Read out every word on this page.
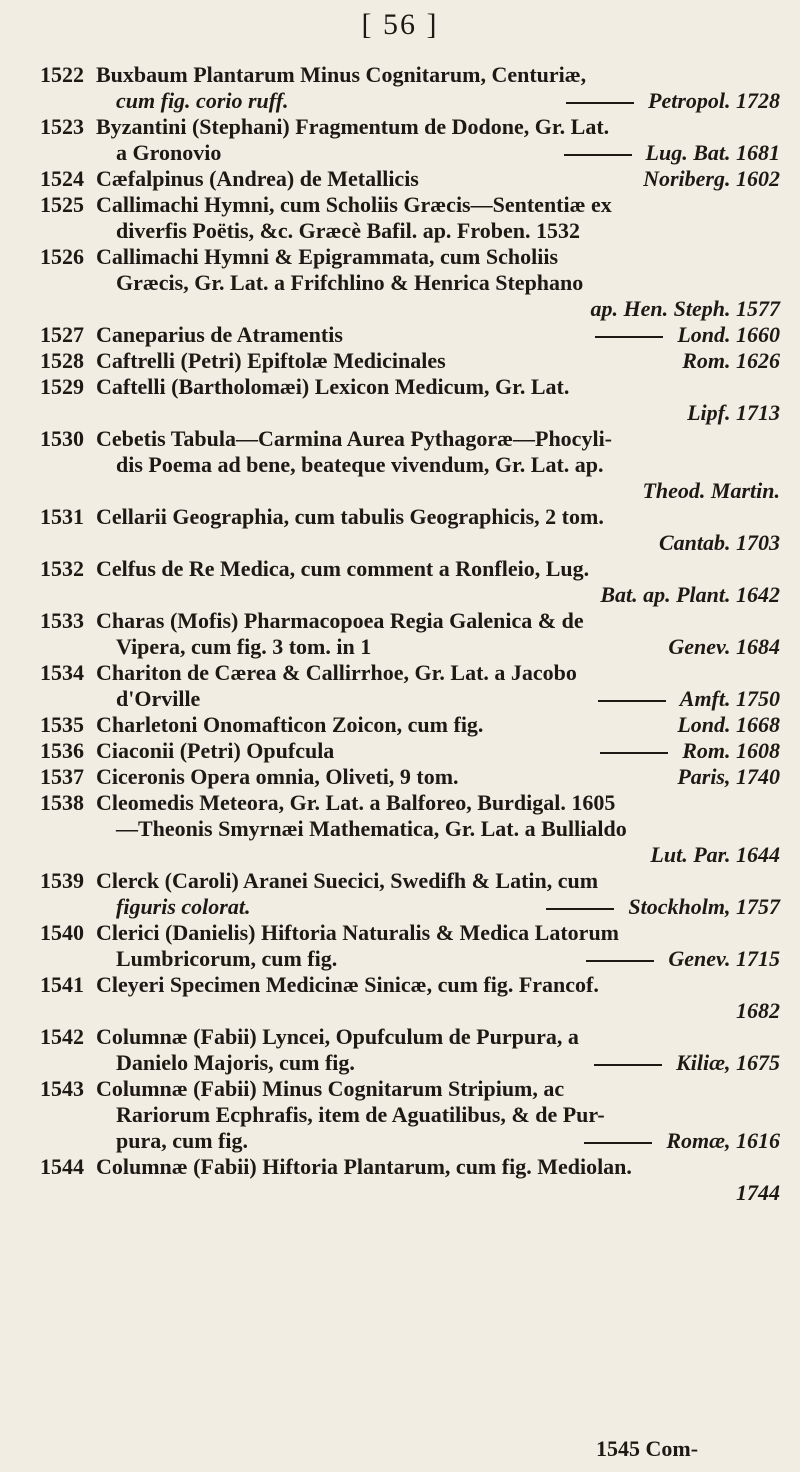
[ 56 ]
1522 Buxbaum Plantarum Minus Cognitarum, Centuriæ,
cum fig. corio ruff.	Petropol. 1728
1523 Byzantini (Stephani) Fragmentum de Dodone, Gr. Lat.
a Gronovio	Lug. Bat. 1681
1524 Cæfalpinus (Andrea) de Metallicis	Noriberg. 1602
1525 Callimachi Hymni, cum Scholiis Græcis—Sententiæ ex
diverfis Poëtis, &c. Græcè Bafil. ap. Froben. 1532
1526 Callimachi Hymni & Epigrammata, cum Scholiis
Græcis, Gr. Lat. a Frifchlino & Henrica Stephano
ap. Hen. Steph. 1577
1527 Caneparius de Atramentis	Lond. 1660
1528 Caftrelli (Petri) Epiftolæ Medicinales	Rom. 1626
1529 Caftelli (Bartholomæi) Lexicon Medicum, Gr. Lat.
Lipf. 1713
1530 Cebetis Tabula—Carmina Aurea Pythagoræ—Phocyli-
dis Poema ad bene, beateque vivendum, Gr. Lat. ap.
Theod. Martin.
1531 Cellarii Geographia, cum tabulis Geographicis, 2 tom.
Cantab. 1703
1532 Celfus de Re Medica, cum comment a Ronfleio, Lug.
Bat. ap. Plant. 1642
1533 Charas (Mofis) Pharmacopoea Regia Galenica & de
Vipera, cum fig. 3 tom. in 1	Genev. 1684
1534 Chariton de Cærea & Callirrhoe, Gr. Lat. a Jacobo
d'Orville	Amft. 1750
1535 Charletoni Onomafticon Zoicon, cum fig.	Lond. 1668
1536 Ciaconii (Petri) Opufcula	Rom. 1608
1537 Ciceronis Opera omnia, Oliveti, 9 tom.	Paris, 1740
1538 Cleomedis Meteora, Gr. Lat. a Balforeo, Burdigal. 1605
—Theonis Smyrnæi Mathematica, Gr. Lat. a Bullialdo
Lut. Par. 1644
1539 Clerck (Caroli) Aranei Suecici, Swedifh & Latin, cum
figuris colorat.	Stockholm, 1757
1540 Clerici (Danielis) Hiftoria Naturalis & Medica Latorum
Lumbricorum, cum fig.	Genev. 1715
1541 Cleyeri Specimen Medicinæ Sinicæ, cum fig. Francof.
1682
1542 Columnæ (Fabii) Lyncei, Opufculum de Purpura, a
Danielo Majoris, cum fig.	Kiliæ, 1675
1543 Columnæ (Fabii) Minus Cognitarum Stripium, ac
Rariorum Ecphrafis, item de Aguatilibus, & de Pur-
pura, cum fig.	Romæ, 1616
1544 Columnæ (Fabii) Hiftoria Plantarum, cum fig. Mediolan.
1744
1545 Com-
